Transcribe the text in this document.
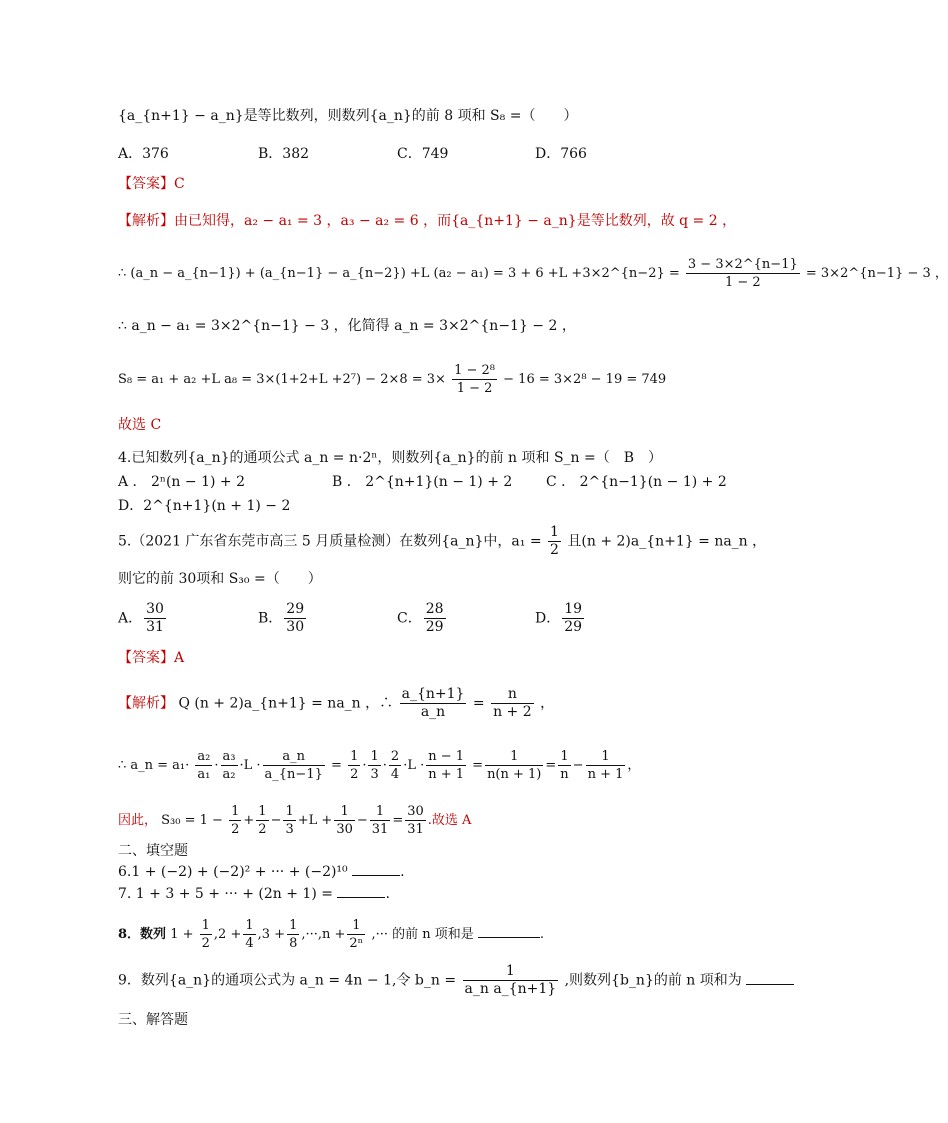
{a_{n+1} − a_n}是等比数列，则数列{a_n}的前 8 项和 S₈ =（　　）
A．376	B．382	C．749	D．766
【答案】C
【解析】由已知得，a₂ − a₁ = 3 ，a₃ − a₂ = 6 ，而{a_{n+1} − a_n}是等比数列，故 q = 2 ，
∴ (a_n − a_{n−1}) + (a_{n−1} − a_{n−2}) +L (a₂ − a₁) = 3 + 6 +L +3×2^{n−2} = $\frac{3 - 3\times 2\^{}\{n-1\}}{1 - 2}$ = 3×2^{n−1} − 3 ，
∴ a_n − a₁ = 3×2^{n−1} − 3 ，化简得 a_n = 3×2^{n−1} − 2 ，
S₈ = a₁ + a₂ +L $a_8 = 3\times(1+2+L +2^7) - 2\times 8 = 3\times \frac{\text{1 − 2⁸}}{1 - 2} - 16 = 3\times 2^8 - 19 = 749$
故选 C
4.已知数列{a_n}的通项公式 a_n = n·2ⁿ，则数列{a_n}的前 n 项和 S_n =（　B　）
A ． 2ⁿ(n − 1) + 2	B ． 2^{n+1}(n − 1) + 2 C ． 2^{n−1}(n − 1) + 2
D．2^{n+1}(n + 1) − 2
5.（2021 广东省东莞市高三 5 月质量检测）在数列{a_n}中，$a_1 = \frac{1}{2}$ 且(n + 2)a_{n+1} = na_n ，
则它的前 30项和 S₃₀ =（　　）
A． $\frac{30}{31}$	B． $\frac{29}{30}$	C． $\frac{28}{29}$	D． $\frac{19}{29}$
【答案】A
【解析】 Q (n + 2)a_{n+1} = na_n ，∴ $\frac{a\_\{n+1\}}{a\_n} = \frac{n}{n + 2}$ ，
∴ a_n = $a_1\cdot \frac{\text{a₂}}{\text{a₁}} \cdot \frac{\text{a₃}}{\text{a₂}} \cdot L \cdot \frac{a\_n}{a\_\{n-1\}} = \frac{1}{2} \cdot \frac{1}{3} \cdot \frac{2}{4} \cdot L \cdot \frac{n - 1}{n + 1} = \frac{1}{n(n + 1)} = \frac{1}{n} - \frac{1}{n + 1}$ ，
因此， $S_{30} = 1 - \frac{1}{2} + \frac{1}{2} - \frac{1}{3} +L + \frac{1}{30} - \frac{1}{31} = \frac{30}{31}$ .故选 A
二、填空题
6.1 + (−2) + (−2)² + ··· + (−2)¹⁰	.
7. 1 + 3 + 5 + ··· + (2n + 1) =	.
8．数列 $1 + \frac{1}{2} ,2 + \frac{1}{4} ,3 + \frac{1}{8} ,\cdot\cdot\cdot,n + \frac{1}{\text{2ⁿ}}$ ,··· 的前 n 项和是	.
9．数列{a_n}的通项公式为 a_n = 4n − 1,令 b_n = $\frac{1}{\text{a\_n a\_\{n+1\}}}$ ,则数列{b_n}的前 n 项和为
三、解答题
